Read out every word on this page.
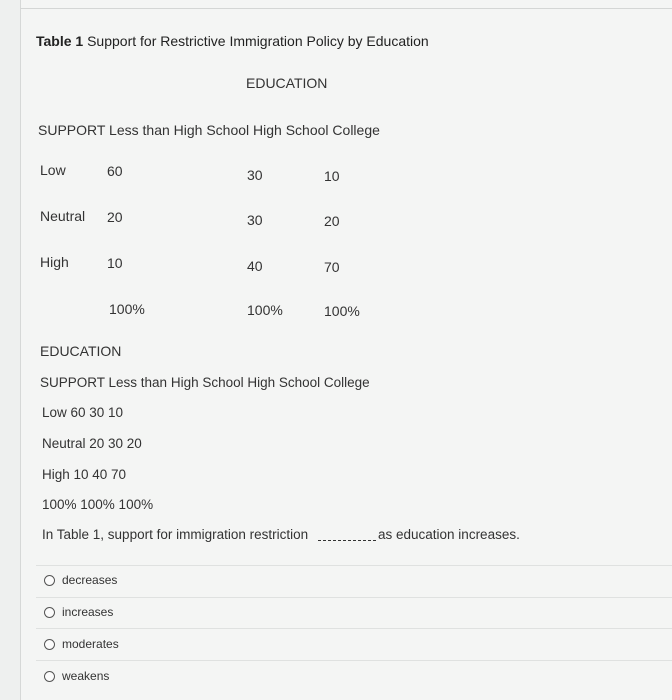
Table 1 Support for Restrictive Immigration Policy by Education
EDUCATION
SUPPORT Less than High School High School College
Low	60	30	10
Neutral 20	30	20
High	10	40	70
100%	100%	100%
EDUCATION
SUPPORT Less than High School High School College
Low 60 30 10
Neutral 20 30 20
High 10 40 70
100% 100% 100%
In Table 1, support for immigration restriction	as education increases.
decreases
increases
moderates
weakens
